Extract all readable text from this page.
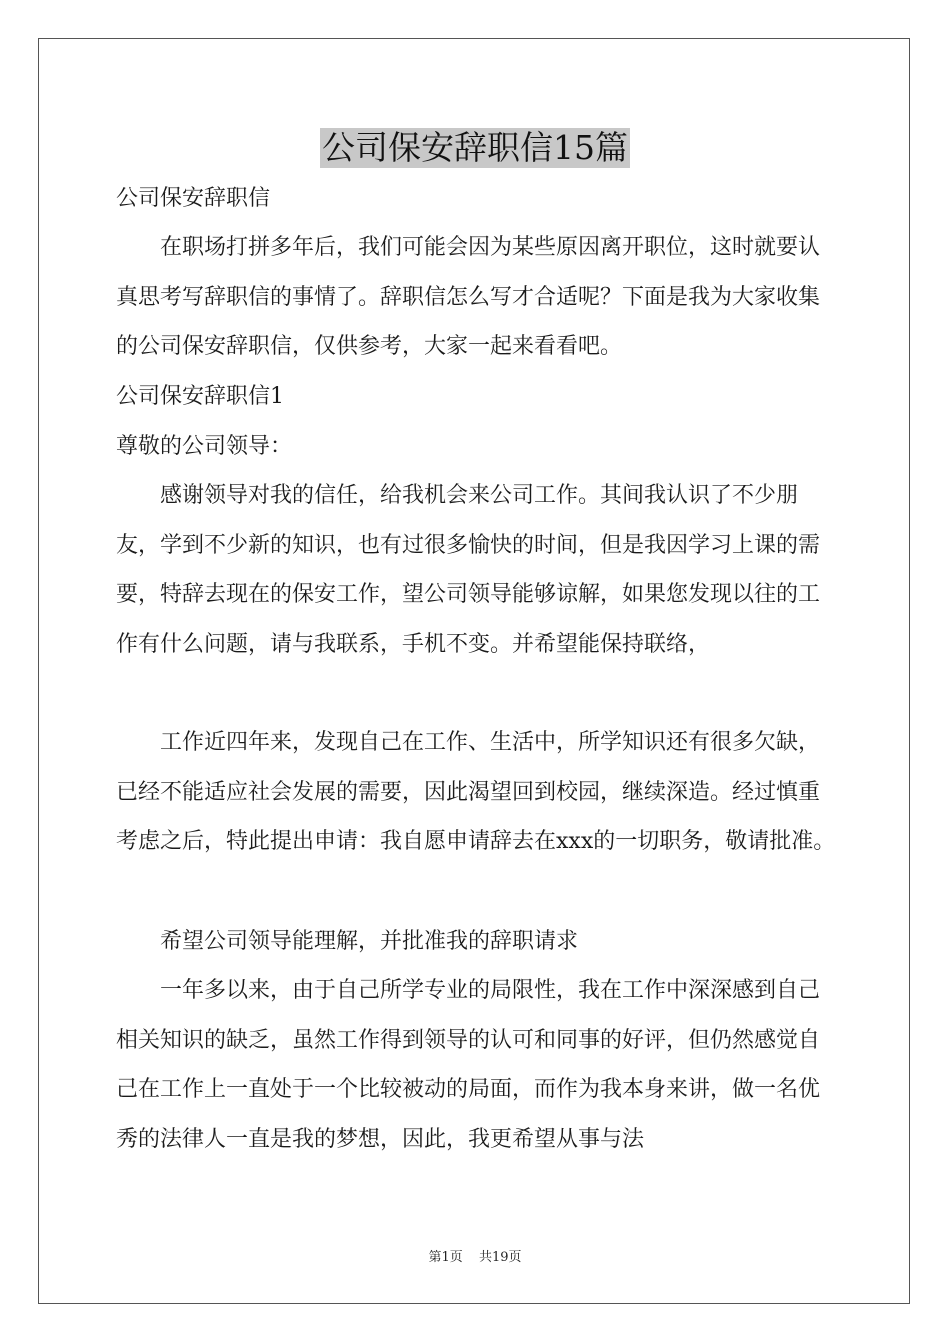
公司保安辞职信15篇

公司保安辞职信

在职场打拼多年后，我们可能会因为某些原因离开职位，这时就要认真思考写辞职信的事情了。辞职信怎么写才合适呢？下面是我为大家收集的公司保安辞职信，仅供参考，大家一起来看看吧。

公司保安辞职信1

尊敬的公司领导：

感谢领导对我的信任，给我机会来公司工作。其间我认识了不少朋友，学到不少新的知识，也有过很多愉快的时间，但是我因学习上课的需要，特辞去现在的保安工作，望公司领导能够谅解，如果您发现以往的工作有什么问题，请与我联系，手机不变。并希望能保持联络，

工作近四年来，发现自己在工作、生活中，所学知识还有很多欠缺，已经不能适应社会发展的需要，因此渴望回到校园，继续深造。经过慎重考虑之后，特此提出申请：我自愿申请辞去在xxx的一切职务，敬请批准。

希望公司领导能理解，并批准我的辞职请求

一年多以来，由于自己所学专业的局限性，我在工作中深深感到自己相关知识的缺乏，虽然工作得到领导的认可和同事的好评，但仍然感觉自己在工作上一直处于一个比较被动的局面，而作为我本身来讲，做一名优秀的法律人一直是我的梦想，因此，我更希望从事与法

第1页 共19页
